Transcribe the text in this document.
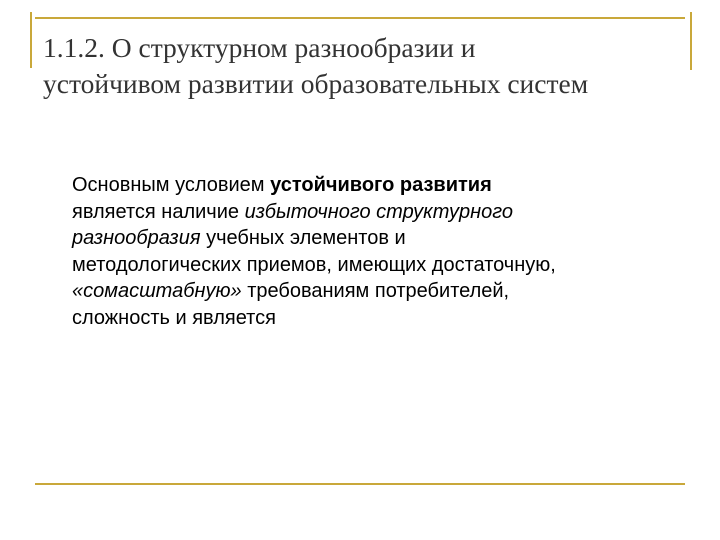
1.1.2. О структурном разнообразии и
устойчивом развитии образовательных систем
Основным условием устойчивого развития
является наличие избыточного структурного
разнообразия учебных элементов и
методологических приемов, имеющих достаточную,
«сомасштабную» требованиям потребителей,
сложность и является
